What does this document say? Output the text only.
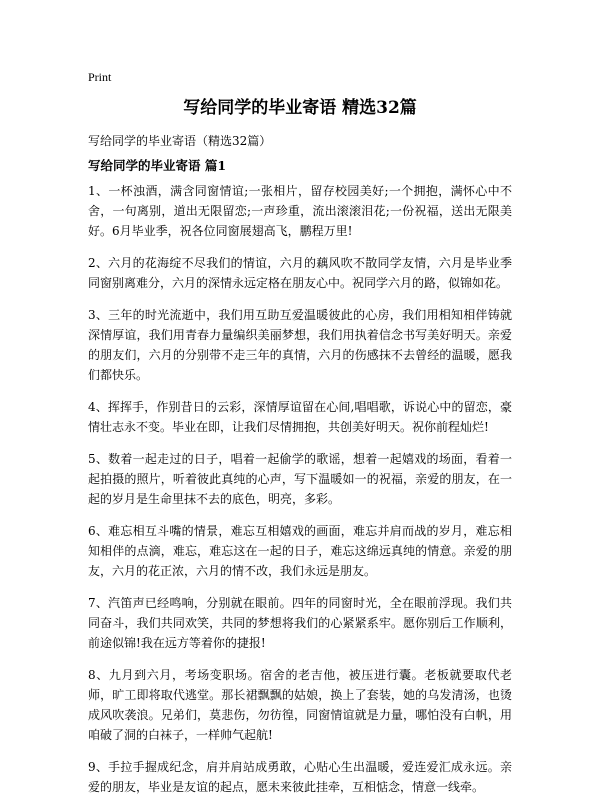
Print
写给同学的毕业寄语 精选32篇
写给同学的毕业寄语（精选32篇）
写给同学的毕业寄语 篇1

1、一杯浊酒，满含同窗情谊;一张相片，留存校园美好;一个拥抱，满怀心中不舍，一句离别，道出无限留恋;一声珍重，流出滚滚泪花;一份祝福，送出无限美好。6月毕业季，祝各位同窗展翅高飞，鹏程万里!

2、六月的花海绽不尽我们的情谊，六月的藕风吹不散同学友情，六月是毕业季同窗别离难分，六月的深情永远定格在朋友心中。祝同学六月的路，似锦如花。

3、三年的时光流逝中，我们用互助互爱温暖彼此的心房，我们用相知相伴铸就深情厚谊，我们用青春力量编织美丽梦想，我们用执着信念书写美好明天。亲爱的朋友们，六月的分别带不走三年的真情，六月的伤感抹不去曾经的温暖，愿我们都快乐。

4、挥挥手，作别昔日的云彩，深情厚谊留在心间,唱唱歌，诉说心中的留恋，豪情壮志永不变。毕业在即，让我们尽情拥抱，共创美好明天。祝你前程灿烂!

5、数着一起走过的日子，唱着一起偷学的歌谣，想着一起嬉戏的场面，看着一起拍摄的照片，听着彼此真纯的心声，写下温暖如一的祝福，亲爱的朋友，在一起的岁月是生命里抹不去的底色，明亮，多彩。

6、难忘相互斗嘴的情景，难忘互相嬉戏的画面，难忘并肩而战的岁月，难忘相知相伴的点滴，难忘，难忘这在一起的日子，难忘这绵远真纯的情意。亲爱的朋友，六月的花正浓，六月的情不改，我们永远是朋友。

7、汽笛声已经鸣响，分别就在眼前。四年的同窗时光，全在眼前浮现。我们共同奋斗，我们共同欢笑，共同的梦想将我们的心紧紧系牢。愿你别后工作顺利，前途似锦!我在远方等着你的捷报!

8、九月到六月，考场变职场。宿舍的老吉他，被压进行囊。老板就要取代老师，旷工即将取代逃堂。那长裙飘飘的姑娘，换上了套装，她的乌发清汤，也烫成风吹袭浪。兄弟们，莫悲伤，勿彷徨，同窗情谊就是力量，哪怕没有白帆，用咱破了洞的白袜子，一样帅气起航!

9、手拉手握成纪念，肩并肩站成勇敢，心贴心生出温暖，爱连爱汇成永远。亲爱的朋友，毕业是友谊的起点，愿未来彼此挂牵，互相惦念，情意一线牵。
